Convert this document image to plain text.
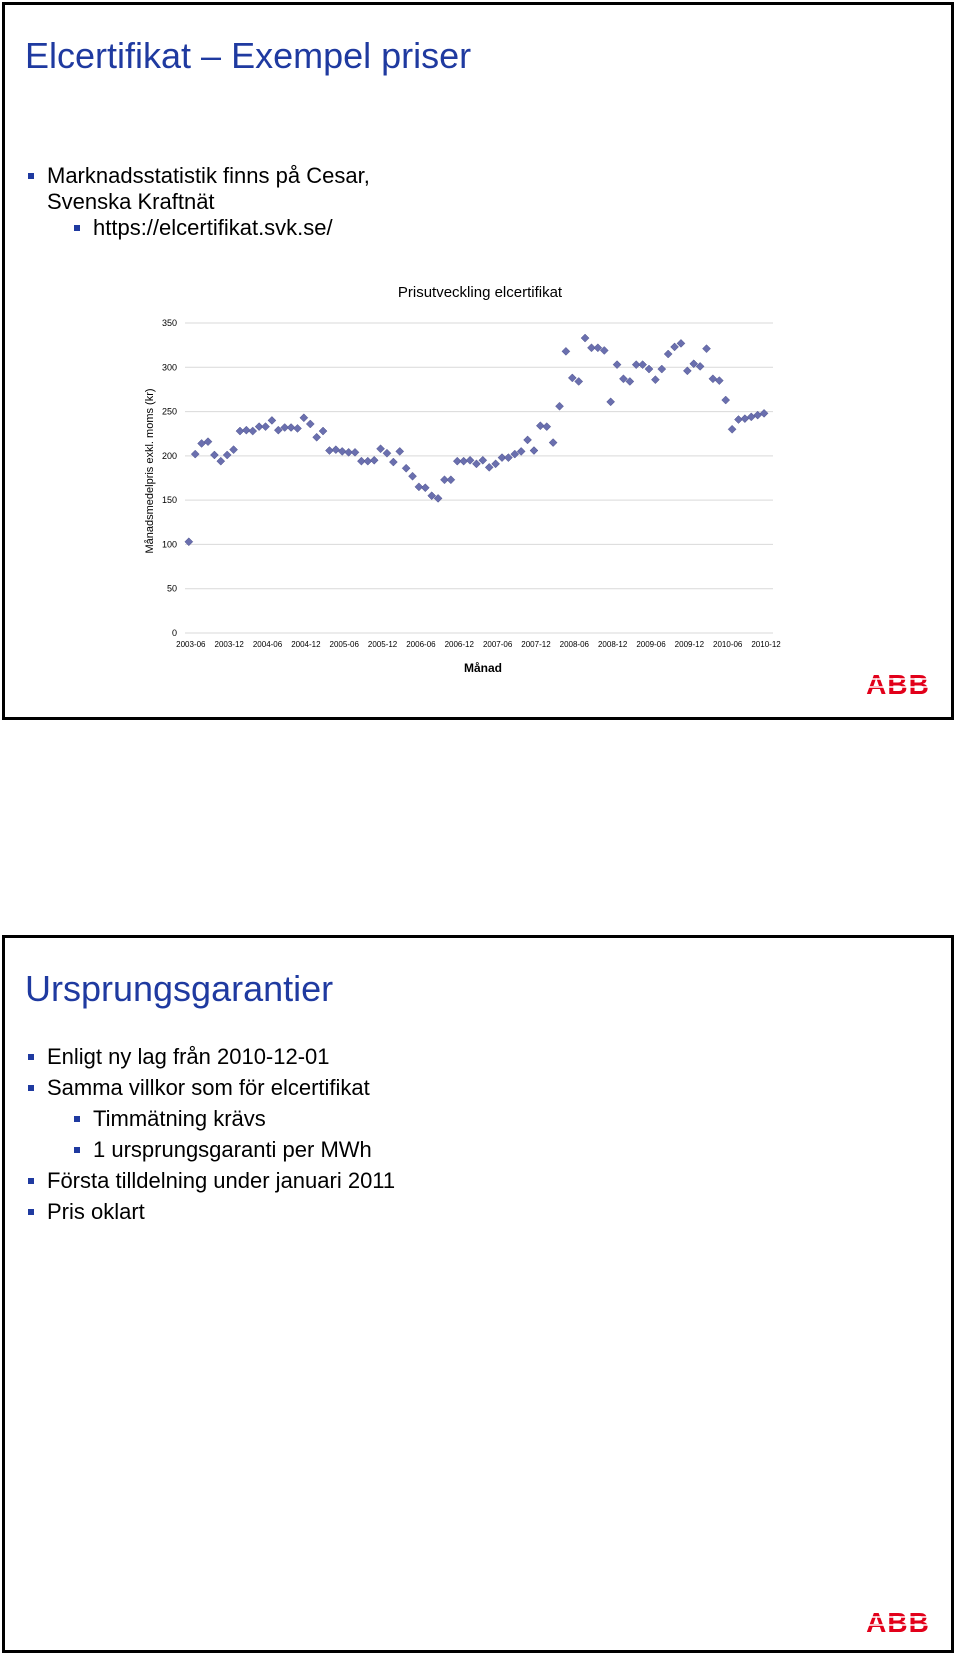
Elcertifikat – Exempel priser
Marknadsstatistik finns på Cesar, Svenska Kraftnät
https://elcertifikat.svk.se/
Prisutveckling elcertifikat
0
50
100
150
200
250
300
350
2003-06 2003-12 2004-06 2004-12 2005-06 2005-12 2006-06 2006-12 2007-06 2007-12 2008-06 2008-12 2009-06 2009-12 2010-06 2010-12
Månadsmedelpris exkl. moms (kr)
Månad
ABB
Ursprungsgarantier
Enligt ny lag från 2010-12-01
Samma villkor som för elcertifikat
Timmätning krävs
1 ursprungsgaranti per MWh
Första tilldelning under januari 2011
Pris oklart
ABB
